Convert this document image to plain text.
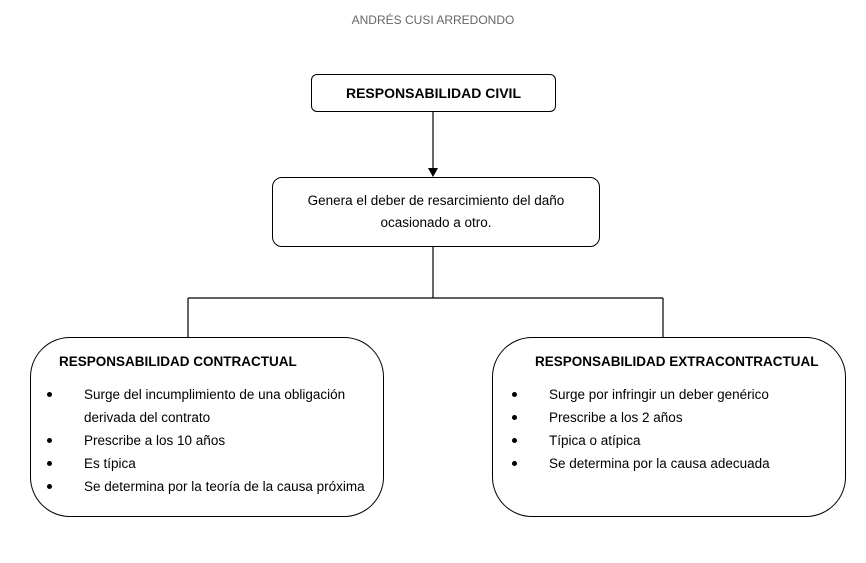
ANDRÉS CUSI ARREDONDO
RESPONSABILIDAD CIVIL
Genera el deber de resarcimiento del daño ocasionado a otro.
RESPONSABILIDAD CONTRACTUAL
Surge del incumplimiento de una obligación derivada del contrato
Prescribe a los 10 años
Es típica
Se determina por la teoría de la causa próxima
RESPONSABILIDAD EXTRACONTRACTUAL
Surge por infringir un deber genérico
Prescribe a los 2 años
Típica o atípica
Se determina por la causa adecuada
